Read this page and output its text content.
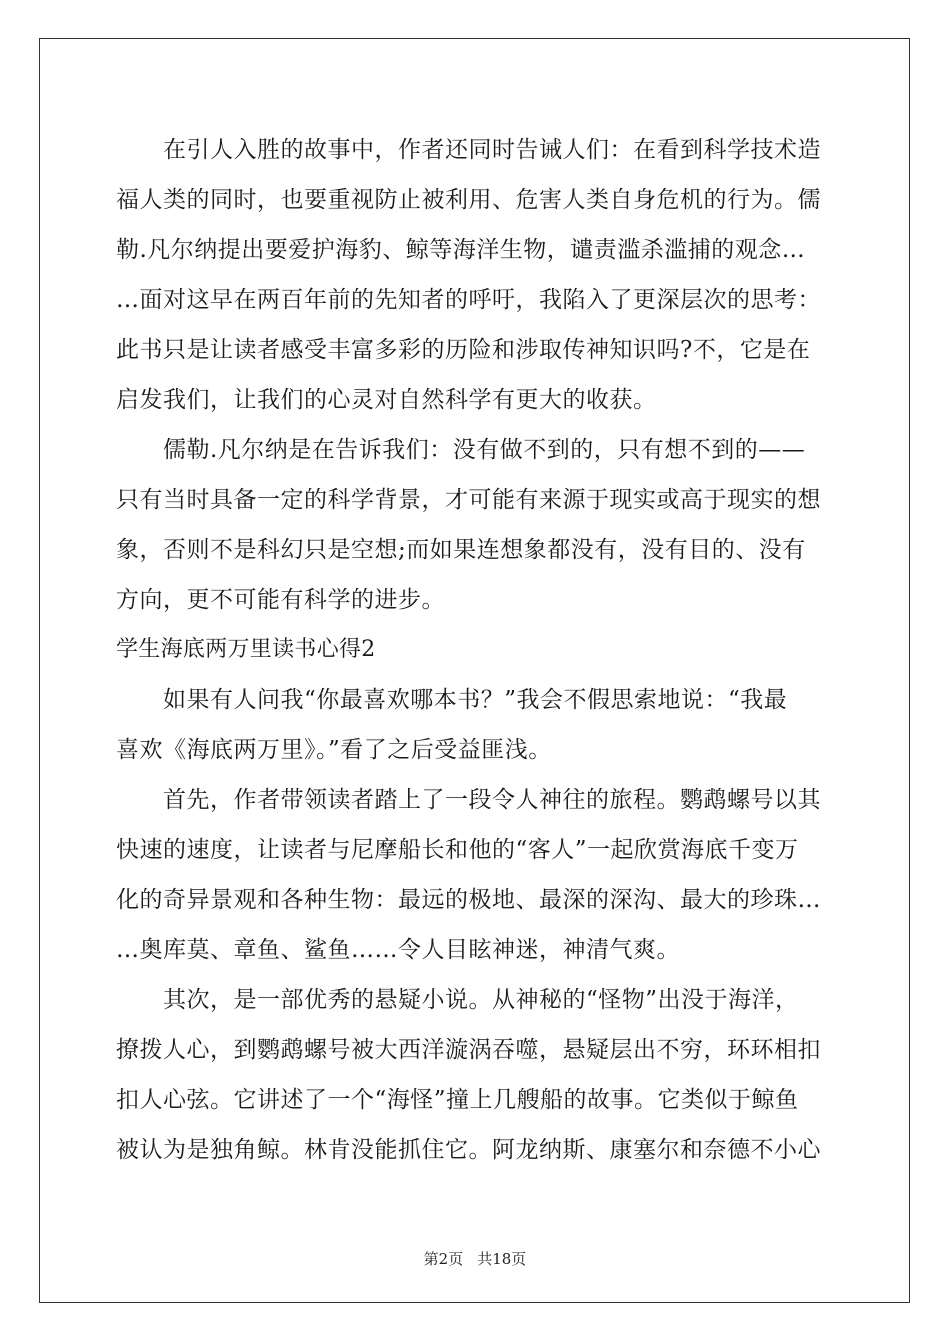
　　在引人入胜的故事中，作者还同时告诫人们：在看到科学技术造
福人类的同时，也要重视防止被利用、危害人类自身危机的行为。儒
勒.凡尔纳提出要爱护海豹、鲸等海洋生物，谴责滥杀滥捕的观念…
…面对这早在两百年前的先知者的呼吁，我陷入了更深层次的思考：
此书只是让读者感受丰富多彩的历险和涉取传神知识吗?不，它是在
启发我们，让我们的心灵对自然科学有更大的收获。
　　儒勒.凡尔纳是在告诉我们：没有做不到的，只有想不到的——
只有当时具备一定的科学背景，才可能有来源于现实或高于现实的想
象，否则不是科幻只是空想;而如果连想象都没有，没有目的、没有
方向，更不可能有科学的进步。
学生海底两万里读书心得2
　　如果有人问我“你最喜欢哪本书？”我会不假思索地说：“我最
喜欢《海底两万里》。”看了之后受益匪浅。
　　首先，作者带领读者踏上了一段令人神往的旅程。鹦鹉螺号以其
快速的速度，让读者与尼摩船长和他的“客人”一起欣赏海底千变万
化的奇异景观和各种生物：最远的极地、最深的深沟、最大的珍珠…
…奥库莫、章鱼、鲨鱼……令人目眩神迷，神清气爽。
　　其次，是一部优秀的悬疑小说。从神秘的“怪物”出没于海洋，
撩拨人心，到鹦鹉螺号被大西洋漩涡吞噬，悬疑层出不穷，环环相扣
扣人心弦。它讲述了一个“海怪”撞上几艘船的故事。它类似于鲸鱼
被认为是独角鲸。林肯没能抓住它。阿龙纳斯、康塞尔和奈德不小心
第2页 共18页
